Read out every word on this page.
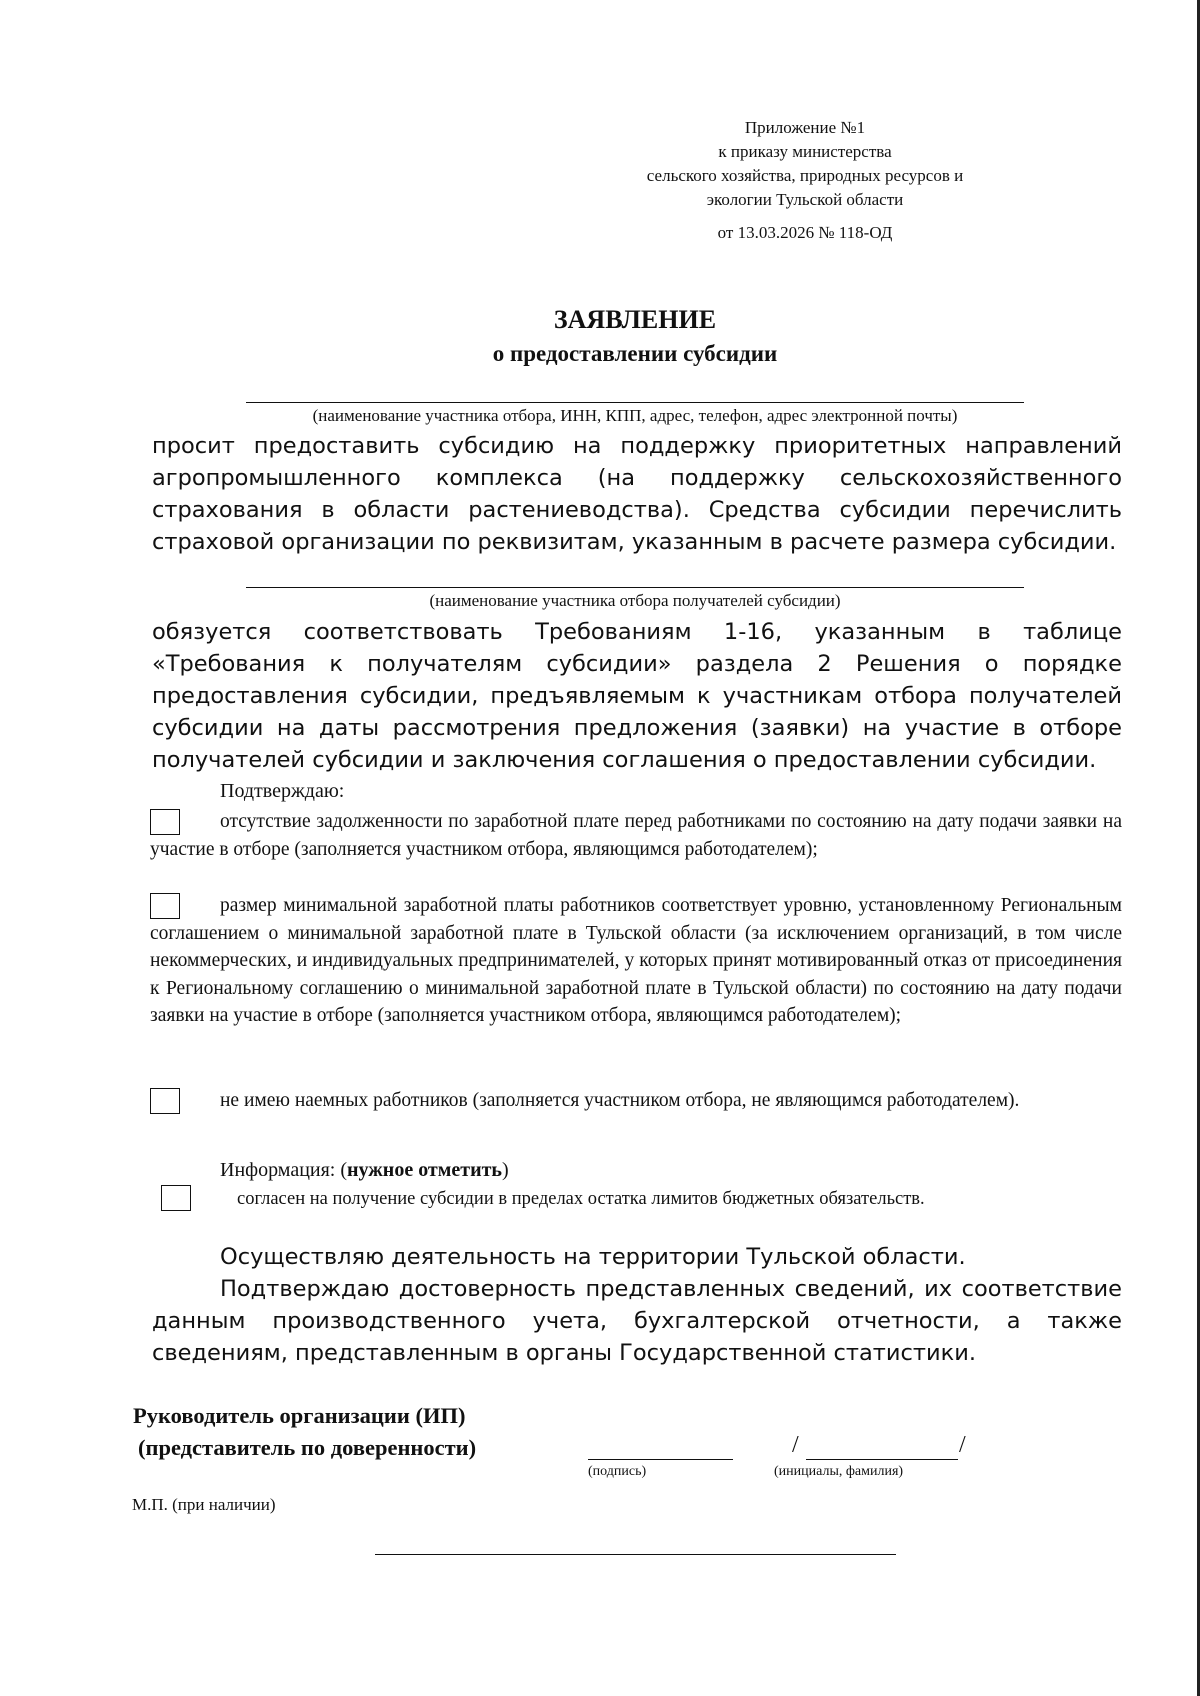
Приложение №1
к приказу министерства
сельского хозяйства, природных ресурсов и
экологии Тульской области
от 13.03.2026 № 118-ОД
ЗАЯВЛЕНИЕ
о предоставлении субсидии
(наименование участника отбора, ИНН, КПП, адрес, телефон, адрес электронной почты)
просит предоставить субсидию на поддержку приоритетных направлений агропромышленного комплекса (на поддержку сельскохозяйственного страхования в области растениеводства). Средства субсидии перечислить страховой организации по реквизитам, указанным в расчете размера субсидии.
(наименование участника отбора получателей субсидии)
обязуется соответствовать Требованиям 1-16, указанным в таблице «Требования к получателям субсидии» раздела 2 Решения о порядке предоставления субсидии, предъявляемым к участникам отбора получателей субсидии на даты рассмотрения предложения (заявки) на участие в отборе получателей субсидии и заключения соглашения о предоставлении субсидии.
Подтверждаю:
отсутствие задолженности по заработной плате перед работниками по состоянию на дату подачи заявки на участие в отборе (заполняется участником отбора, являющимся работодателем);
размер минимальной заработной платы работников соответствует уровню, установленному Региональным соглашением о минимальной заработной плате в Тульской области (за исключением организаций, в том числе некоммерческих, и индивидуальных предпринимателей, у которых принят мотивированный отказ от присоединения к Региональному соглашению о минимальной заработной плате в Тульской области) по состоянию на дату подачи заявки на участие в отборе (заполняется участником отбора, являющимся работодателем);
не имею наемных работников (заполняется участником отбора, не являющимся работодателем).
Информация: (нужное отметить)
согласен на получение субсидии в пределах остатка лимитов бюджетных обязательств.
Осуществляю деятельность на территории Тульской области.
Подтверждаю достоверность представленных сведений, их соответствие данным производственного учета, бухгалтерской отчетности, а также сведениям, представленным в органы Государственной статистики.
Руководитель организации (ИП)
(представитель по доверенности)
(подпись)
/	/
(инициалы, фамилия)
М.П. (при наличии)
